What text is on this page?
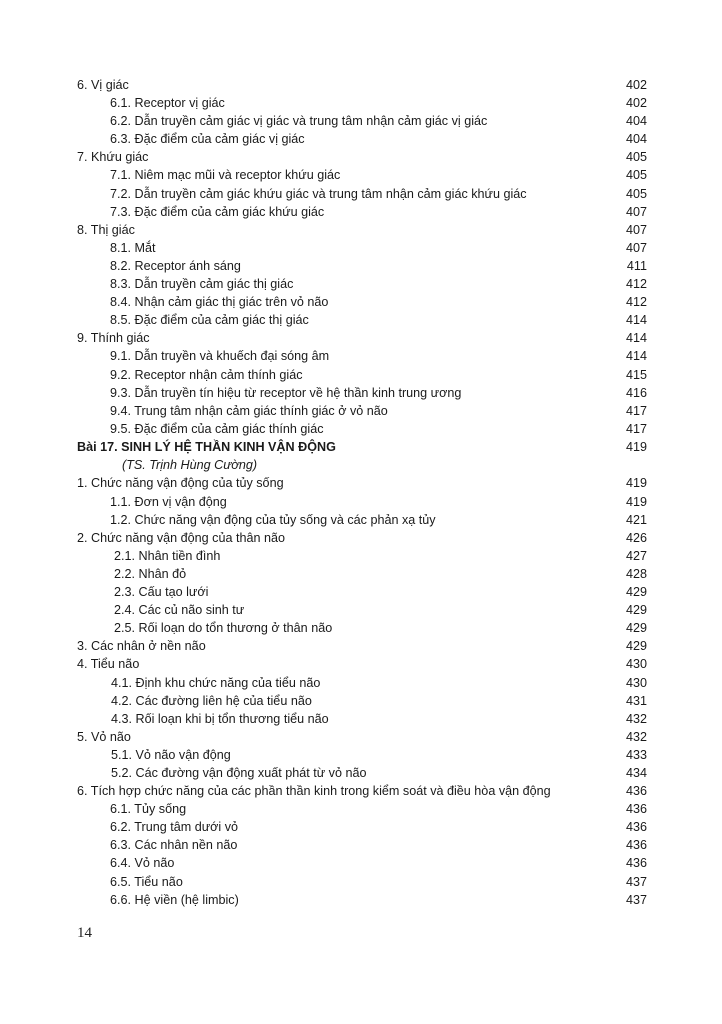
6. Vị giác	402
6.1. Receptor vị giác	402
6.2. Dẫn truyền cảm giác vị giác và trung tâm nhận cảm giác vị giác	404
6.3. Đặc điểm của cảm giác vị giác	404
7. Khứu giác	405
7.1. Niêm mạc mũi và receptor khứu giác	405
7.2. Dẫn truyền cảm giác khứu giác và trung tâm nhận cảm giác khứu giác	405
7.3. Đặc điểm của cảm giác khứu giác	407
8. Thị giác	407
8.1. Mắt	407
8.2. Receptor ánh sáng	411
8.3. Dẫn truyền cảm giác thị giác	412
8.4. Nhận cảm giác thị giác trên vỏ não	412
8.5. Đặc điểm của cảm giác thị giác	414
9. Thính giác	414
9.1. Dẫn truyền và khuếch đại sóng âm	414
9.2. Receptor nhận cảm thính giác	415
9.3. Dẫn truyền tín hiệu từ receptor về hệ thần kinh trung ương	416
9.4. Trung tâm nhận cảm giác thính giác ở vỏ não	417
9.5. Đặc điểm của cảm giác thính giác	417
Bài 17. SINH LÝ HỆ THẦN KINH VẬN ĐỘNG	419
(TS. Trịnh Hùng Cường)
1. Chức năng vận động của tủy sống	419
1.1. Đơn vị vận động	419
1.2. Chức năng vận động của tủy sống và các phản xạ tủy	421
2. Chức năng vận động của thân não	426
2.1. Nhân tiền đình	427
2.2. Nhân đỏ	428
2.3. Cấu tạo lưới	429
2.4. Các củ não sinh tư	429
2.5. Rối loạn do tổn thương ở thân não	429
3. Các nhân ở nền não	429
4. Tiểu não	430
4.1. Định khu chức năng của tiểu não	430
4.2. Các đường liên hệ của tiểu não	431
4.3. Rối loạn khi bị tổn thương tiểu não	432
5. Vỏ não	432
5.1. Vỏ não vận động	433
5.2. Các đường vận động xuất phát từ vỏ não	434
6. Tích hợp chức năng của các phần thần kinh trong kiểm soát và điều hòa vận động	436
6.1. Tủy sống	436
6.2. Trung tâm dưới vỏ	436
6.3. Các nhân nền não	436
6.4. Vỏ não	436
6.5. Tiểu não	437
6.6. Hệ viền (hệ limbic)	437
14
